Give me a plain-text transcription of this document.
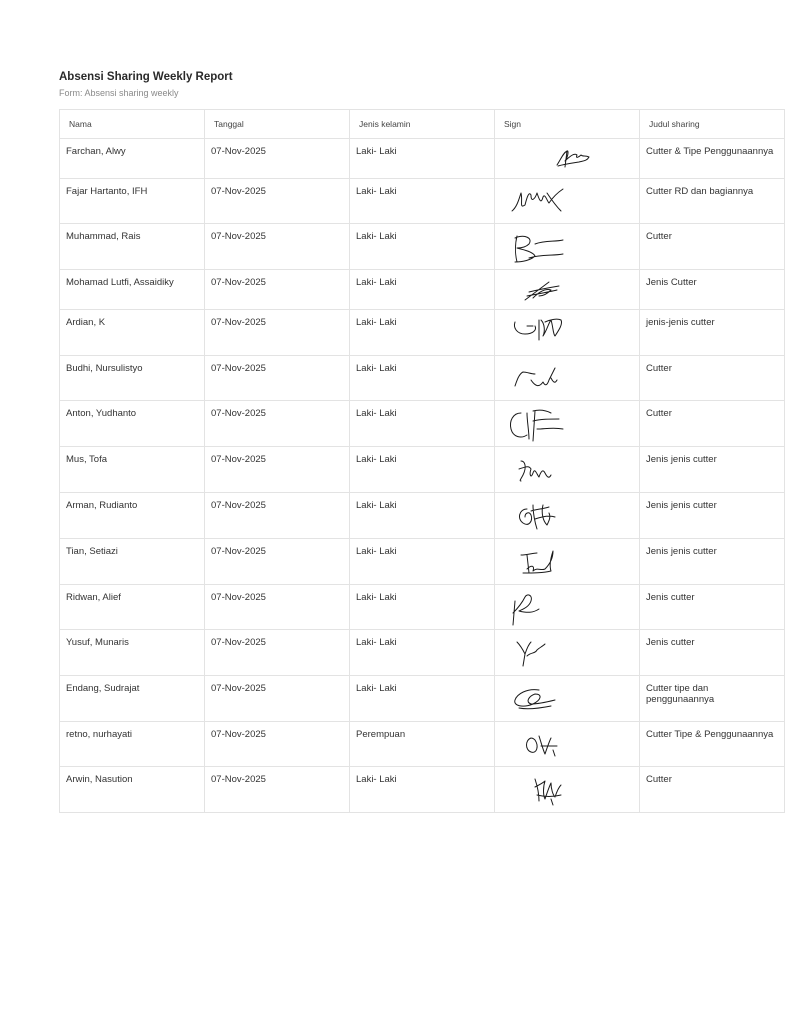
Absensi Sharing Weekly Report
Form: Absensi sharing weekly
Nama	Tanggal	Jenis kelamin	Sign	Judul sharing
Farchan, Alwy	07-Nov-2025	Laki- Laki		Cutter & Tipe Penggunaannya
Fajar Hartanto, IFH	07-Nov-2025	Laki- Laki		Cutter RD dan bagiannya
Muhammad, Rais	07-Nov-2025	Laki- Laki		Cutter
Mohamad Lutfi, Assaidiky	07-Nov-2025	Laki- Laki		Jenis Cutter
Ardian, K	07-Nov-2025	Laki- Laki		jenis-jenis cutter
Budhi, Nursulistyo	07-Nov-2025	Laki- Laki		Cutter
Anton, Yudhanto	07-Nov-2025	Laki- Laki		Cutter
Mus, Tofa	07-Nov-2025	Laki- Laki		Jenis jenis cutter
Arman, Rudianto	07-Nov-2025	Laki- Laki		Jenis jenis cutter
Tian, Setiazi	07-Nov-2025	Laki- Laki		Jenis jenis cutter
Ridwan, Alief	07-Nov-2025	Laki- Laki		Jenis cutter
Yusuf, Munaris	07-Nov-2025	Laki- Laki		Jenis cutter
Endang, Sudrajat	07-Nov-2025	Laki- Laki		Cutter tipe dan penggunaannya
retno, nurhayati	07-Nov-2025	Perempuan		Cutter Tipe & Penggunaannya
Arwin, Nasution	07-Nov-2025	Laki- Laki		Cutter
